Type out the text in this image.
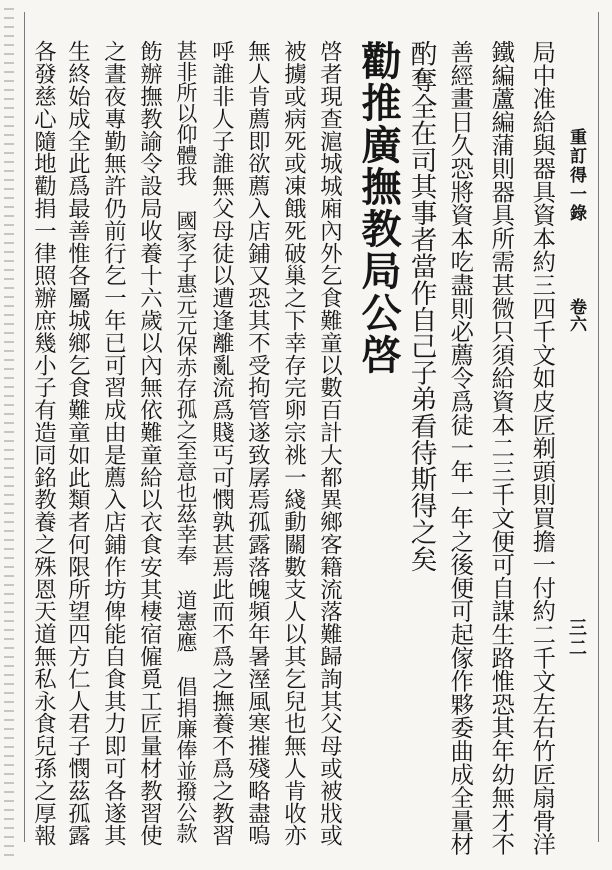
重訂得一錄
卷六
三二
局中准給與器具資本約三四千文如皮匠剃頭則買擔一付約二千文左右竹匠扇骨洋
鐵編蘆編蒲則器具所需甚微只須給資本二三千文便可自謀生路惟恐其年幼無才不
善經畫日久恐將資本吃盡則必薦令爲徒一年一年之後便可起傢作夥委曲成全量材
酌奪全在司其事者當作自己子弟看待斯得之矣
勸推廣撫教局公啓
啓者現查滬城城廂內外乞食難童以數百計大都異鄉客籍流落難歸詢其父母或被戕或
被擄或病死或凍餓死破巢之下幸存完卵宗祧一綫動關數支人以其乞兒也無人肯收亦
無人肯薦即欲薦入店鋪又恐其不受拘管遂致孱焉孤露落魄頻年暑溼風寒摧殘略盡嗚
呼誰非人子誰無父母徒以遭逢離亂流爲賤丐可憫孰甚焉此而不爲之撫養不爲之教習
甚非所以仰體我 國家子惠元元保赤存孤之至意也茲幸奉 道憲應 倡捐廉俸並撥公款
飭辦撫教諭令設局收養十六歲以內無依難童給以衣食安其棲宿僱覓工匠量材教習使
之晝夜專勤無許仍前行乞一年已可習成由是薦入店鋪作坊俾能自食其力即可各遂其
生終始成全此爲最善惟各屬城鄉乞食難童如此類者何限所望四方仁人君子憫茲孤露
各發慈心隨地勸捐一律照辦庶幾小子有造同銘教養之殊恩天道無私永食兒孫之厚報
